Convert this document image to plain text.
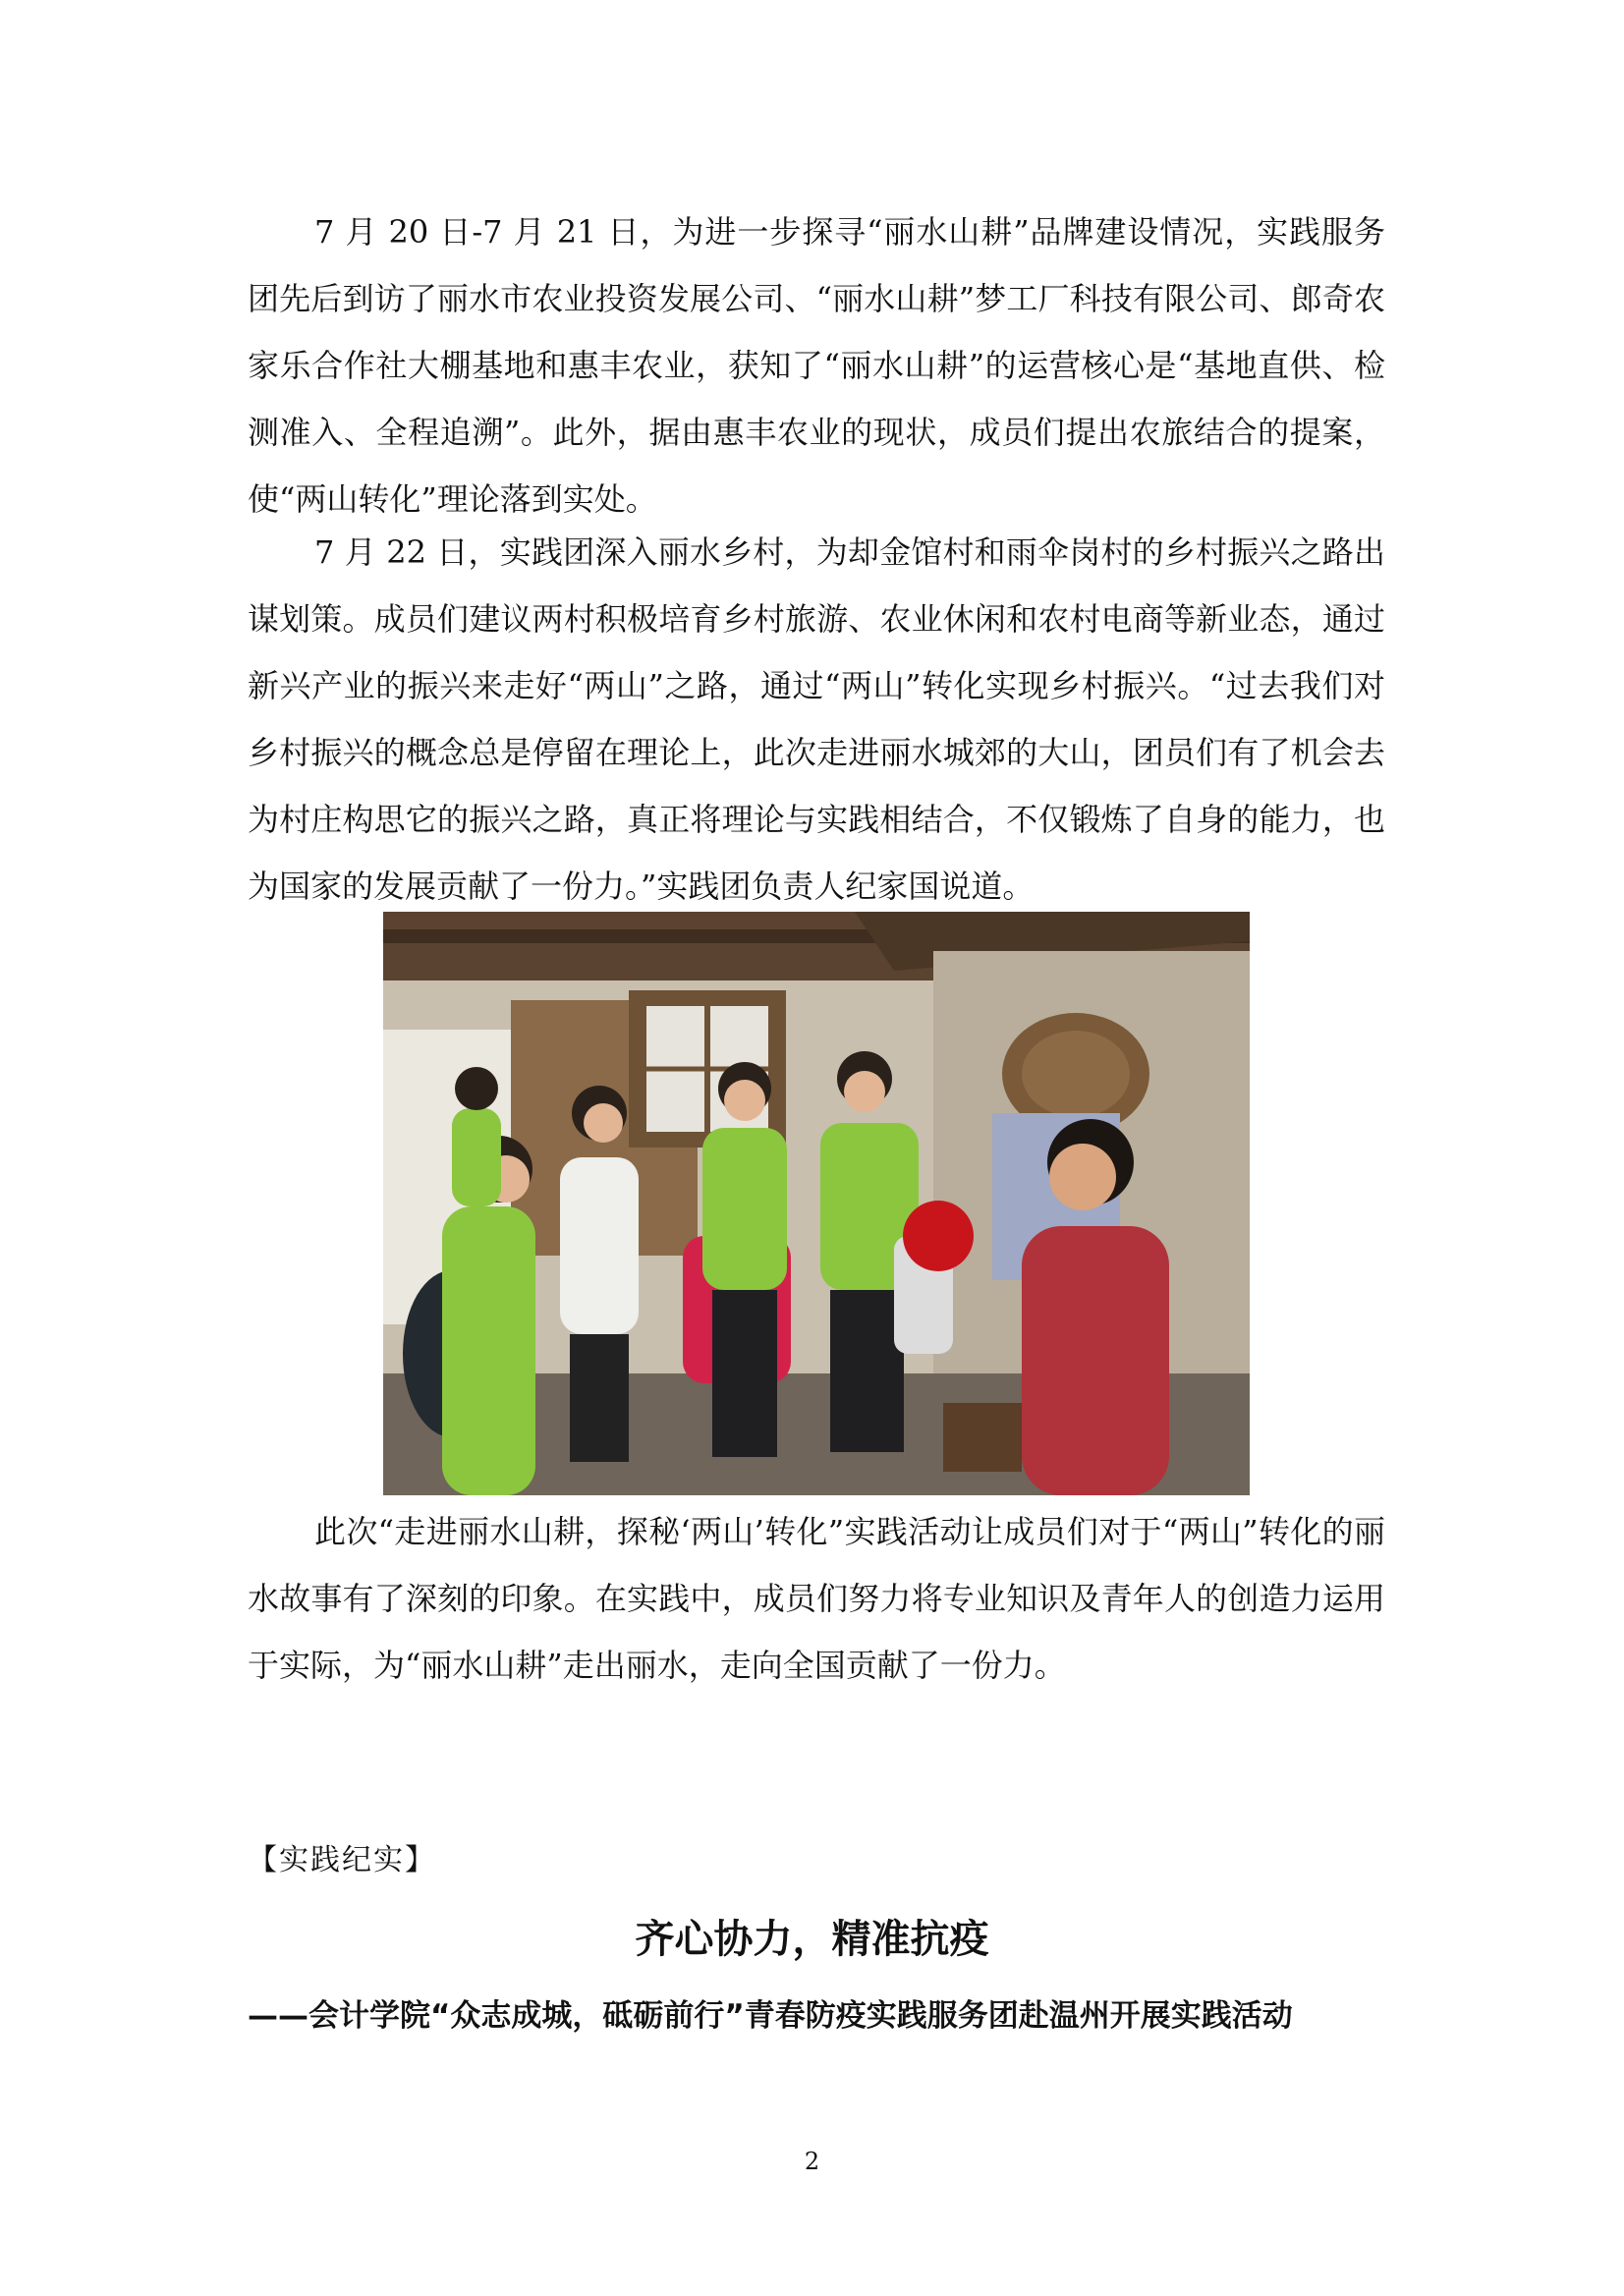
7 月 20 日-7 月 21 日，为进一步探寻“丽水山耕”品牌建设情况，实践服务团先后到访了丽水市农业投资发展公司、“丽水山耕”梦工厂科技有限公司、郎奇农家乐合作社大棚基地和惠丰农业，获知了“丽水山耕”的运营核心是“基地直供、检测准入、全程追溯”。此外，据由惠丰农业的现状，成员们提出农旅结合的提案，使“两山转化”理论落到实处。

7 月 22 日，实践团深入丽水乡村，为却金馆村和雨伞岗村的乡村振兴之路出谋划策。成员们建议两村积极培育乡村旅游、农业休闲和农村电商等新业态，通过新兴产业的振兴来走好“两山”之路，通过“两山”转化实现乡村振兴。“过去我们对乡村振兴的概念总是停留在理论上，此次走进丽水城郊的大山，团员们有了机会去为村庄构思它的振兴之路，真正将理论与实践相结合，不仅锻炼了自身的能力，也为国家的发展贡献了一份力。”实践团负责人纪家国说道。

此次“走进丽水山耕，探秘‘两山’转化”实践活动让成员们对于“两山”转化的丽水故事有了深刻的印象。在实践中，成员们努力将专业知识及青年人的创造力运用于实际，为“丽水山耕”走出丽水，走向全国贡献了一份力。

【实践纪实】

齐心协力，精准抗疫

——会计学院“众志成城，砥砺前行”青春防疫实践服务团赴温州开展实践活动

2
